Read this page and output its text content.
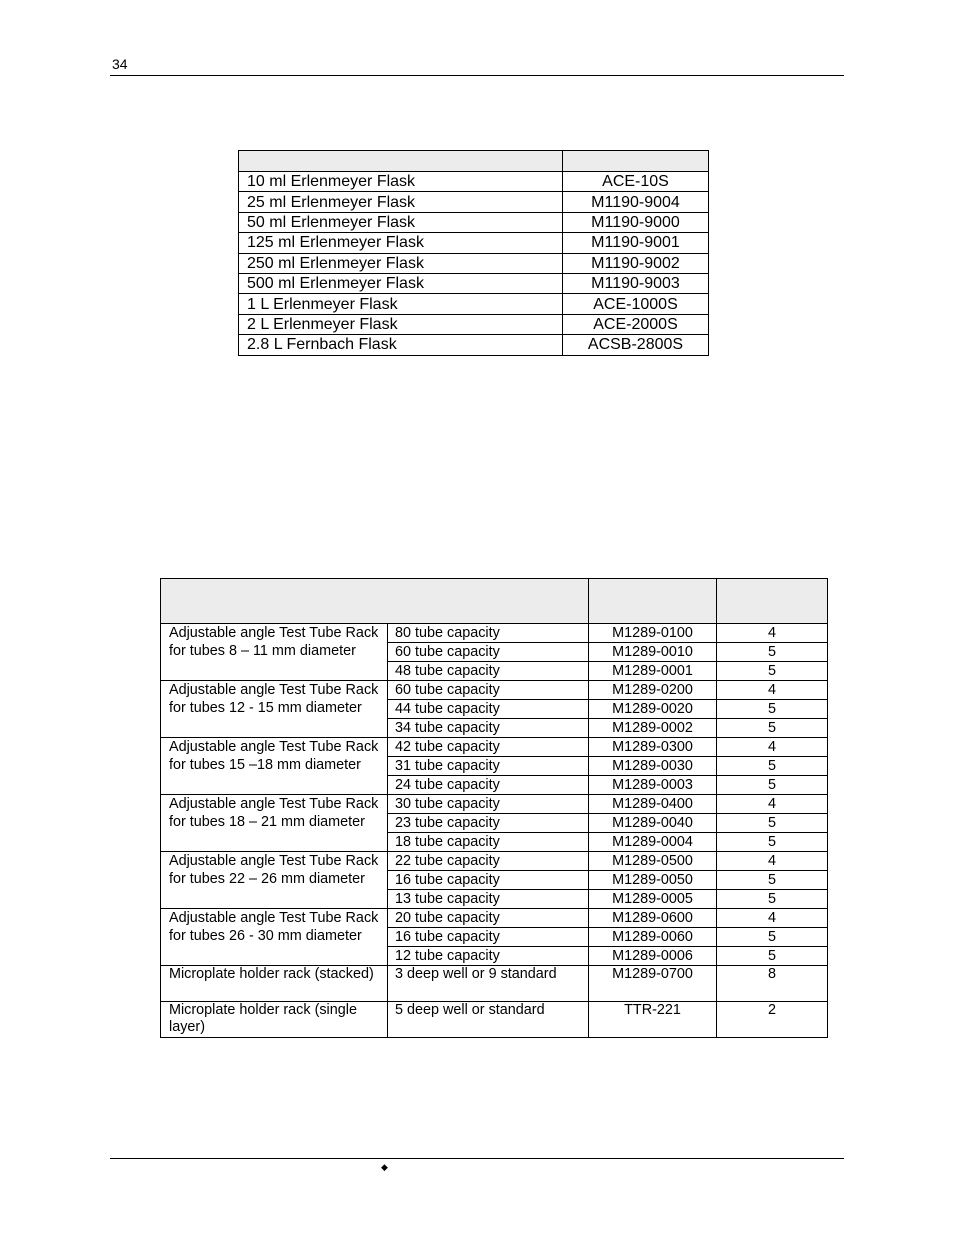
34

10 ml Erlenmeyer Flask	ACE-10S
25 ml Erlenmeyer Flask	M1190-9004
50 ml Erlenmeyer Flask	M1190-9000
125 ml Erlenmeyer Flask	M1190-9001
250 ml Erlenmeyer Flask	M1190-9002
500 ml Erlenmeyer Flask	M1190-9003
1 L Erlenmeyer Flask	ACE-1000S
2 L Erlenmeyer Flask	ACE-2000S
2.8 L Fernbach Flask	ACSB-2800S

Adjustable angle Test Tube Rack for tubes 8 – 11 mm diameter	80 tube capacity	M1289-0100	4
	60 tube capacity	M1289-0010	5
	48 tube capacity	M1289-0001	5
Adjustable angle Test Tube Rack for tubes 12 - 15 mm diameter	60 tube capacity	M1289-0200	4
	44 tube capacity	M1289-0020	5
	34 tube capacity	M1289-0002	5
Adjustable angle Test Tube Rack for tubes 15 –18 mm diameter	42 tube capacity	M1289-0300	4
	31 tube capacity	M1289-0030	5
	24 tube capacity	M1289-0003	5
Adjustable angle Test Tube Rack for tubes 18 – 21 mm diameter	30 tube capacity	M1289-0400	4
	23 tube capacity	M1289-0040	5
	18 tube capacity	M1289-0004	5
Adjustable angle Test Tube Rack for tubes 22 – 26 mm diameter	22 tube capacity	M1289-0500	4
	16 tube capacity	M1289-0050	5
	13 tube capacity	M1289-0005	5
Adjustable angle Test Tube Rack for tubes 26 - 30 mm diameter	20 tube capacity	M1289-0600	4
	16 tube capacity	M1289-0060	5
	12 tube capacity	M1289-0006	5
Microplate holder rack (stacked)	3 deep well or 9 standard	M1289-0700	8
Microplate holder rack (single layer)	5 deep well or standard	TTR-221	2
◆
